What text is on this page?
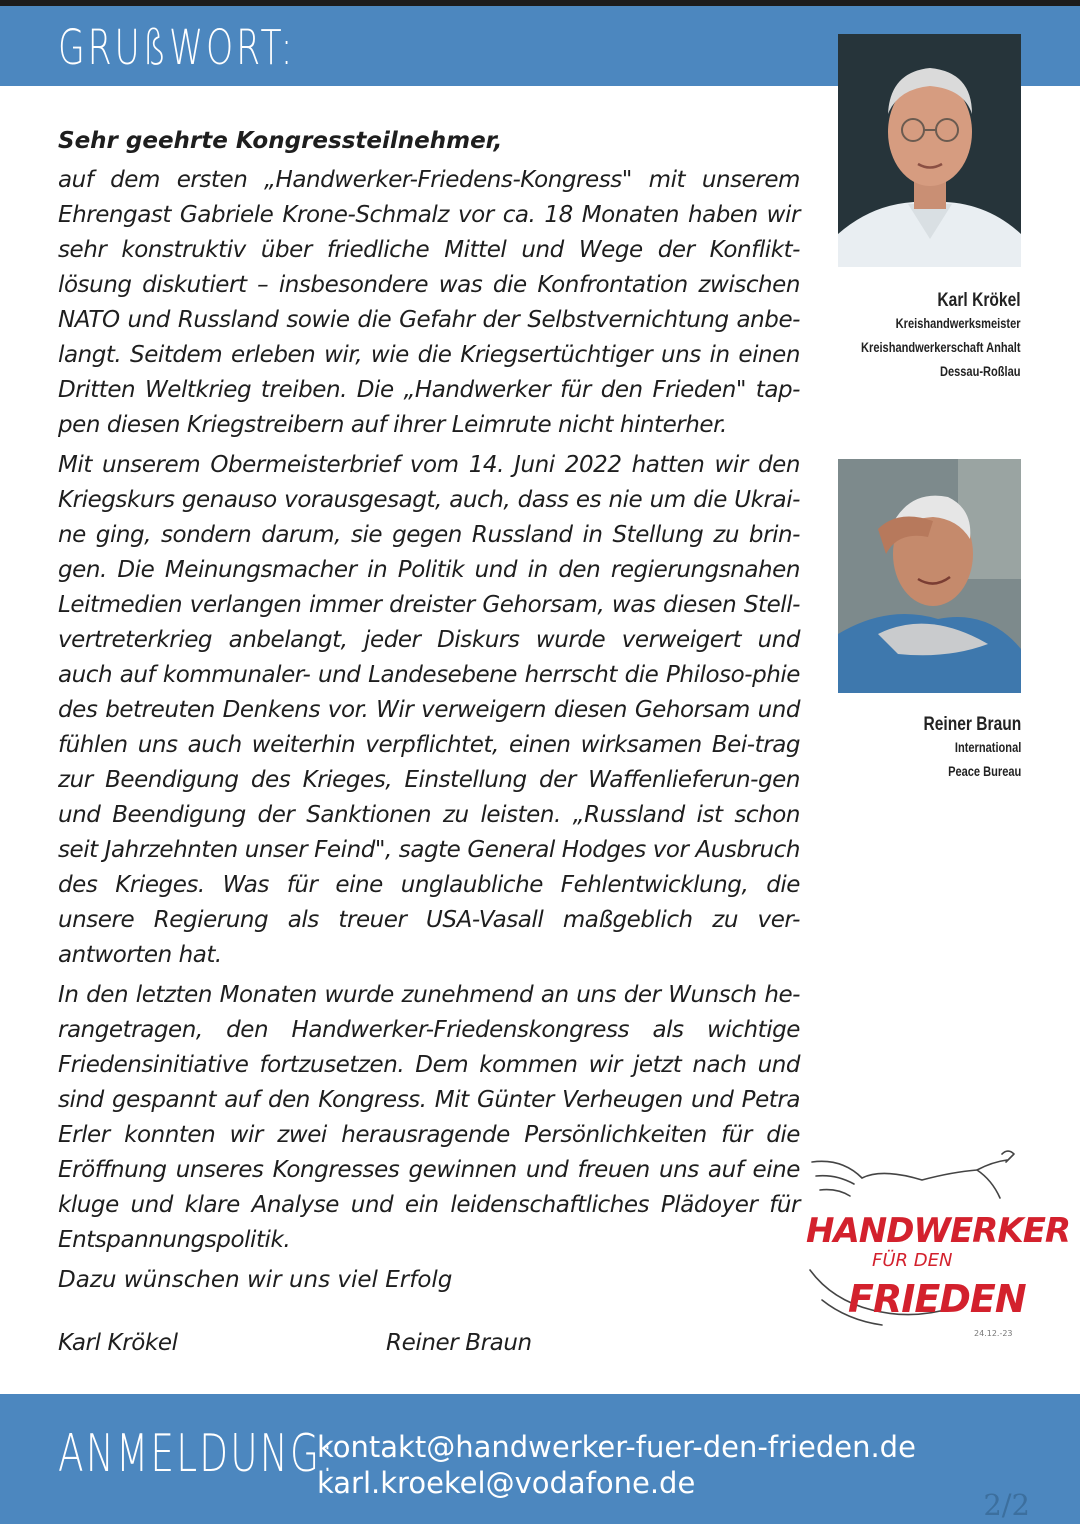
GRUßWORT:
Karl Krökel
Kreishandwerksmeister
Kreishandwerkerschaft Anhalt
Dessau-Roßlau
Reiner Braun
International
Peace Bureau

Sehr geehrte Kongressteilnehmer,

auf dem ersten „Handwerker-Friedens-Kongress" mit unserem Ehrengast Gabriele Krone-Schmalz vor ca. 18 Monaten haben wir sehr konstruktiv über friedliche Mittel und Wege der Konflikt-lösung diskutiert – insbesondere was die Konfrontation zwischen NATO und Russland sowie die Gefahr der Selbstvernichtung anbe-langt. Seitdem erleben wir, wie die Kriegsertüchtiger uns in einen Dritten Weltkrieg treiben. Die „Handwerker für den Frieden" tap-pen diesen Kriegstreibern auf ihrer Leimrute nicht hinterher.

Mit unserem Obermeisterbrief vom 14. Juni 2022 hatten wir den Kriegskurs genauso vorausgesagt, auch, dass es nie um die Ukrai-ne ging, sondern darum, sie gegen Russland in Stellung zu brin-gen. Die Meinungsmacher in Politik und in den regierungsnahen Leitmedien verlangen immer dreister Gehorsam, was diesen Stell-vertreterkrieg anbelangt, jeder Diskurs wurde verweigert und auch auf kommunaler- und Landesebene herrscht die Philoso-phie des betreuten Denkens vor. Wir verweigern diesen Gehorsam und fühlen uns auch weiterhin verpflichtet, einen wirksamen Bei-trag zur Beendigung des Krieges, Einstellung der Waffenlieferun-gen und Beendigung der Sanktionen zu leisten. „Russland ist schon seit Jahrzehnten unser Feind", sagte General Hodges vor Ausbruch des Krieges. Was für eine unglaubliche Fehlentwicklung, die unsere Regierung als treuer USA-Vasall maßgeblich zu ver-antworten hat.

In den letzten Monaten wurde zunehmend an uns der Wunsch he-rangetragen, den Handwerker-Friedenskongress als wichtige Friedensinitiative fortzusetzen. Dem kommen wir jetzt nach und sind gespannt auf den Kongress. Mit Günter Verheugen und Petra Erler konnten wir zwei herausragende Persönlichkeiten für die Eröffnung unseres Kongresses gewinnen und freuen uns auf eine kluge und klare Analyse und ein leidenschaftliches Plädoyer für Entspannungspolitik.

Dazu wünschen wir uns viel Erfolg

Karl Krökel	Reiner Braun
HANDWERKER
FÜR DEN
FRIEDEN
24.12.-23
ANMELDUNG:
kontakt@handwerker-fuer-den-frieden.de
karl.kroekel@vodafone.de
2/2
